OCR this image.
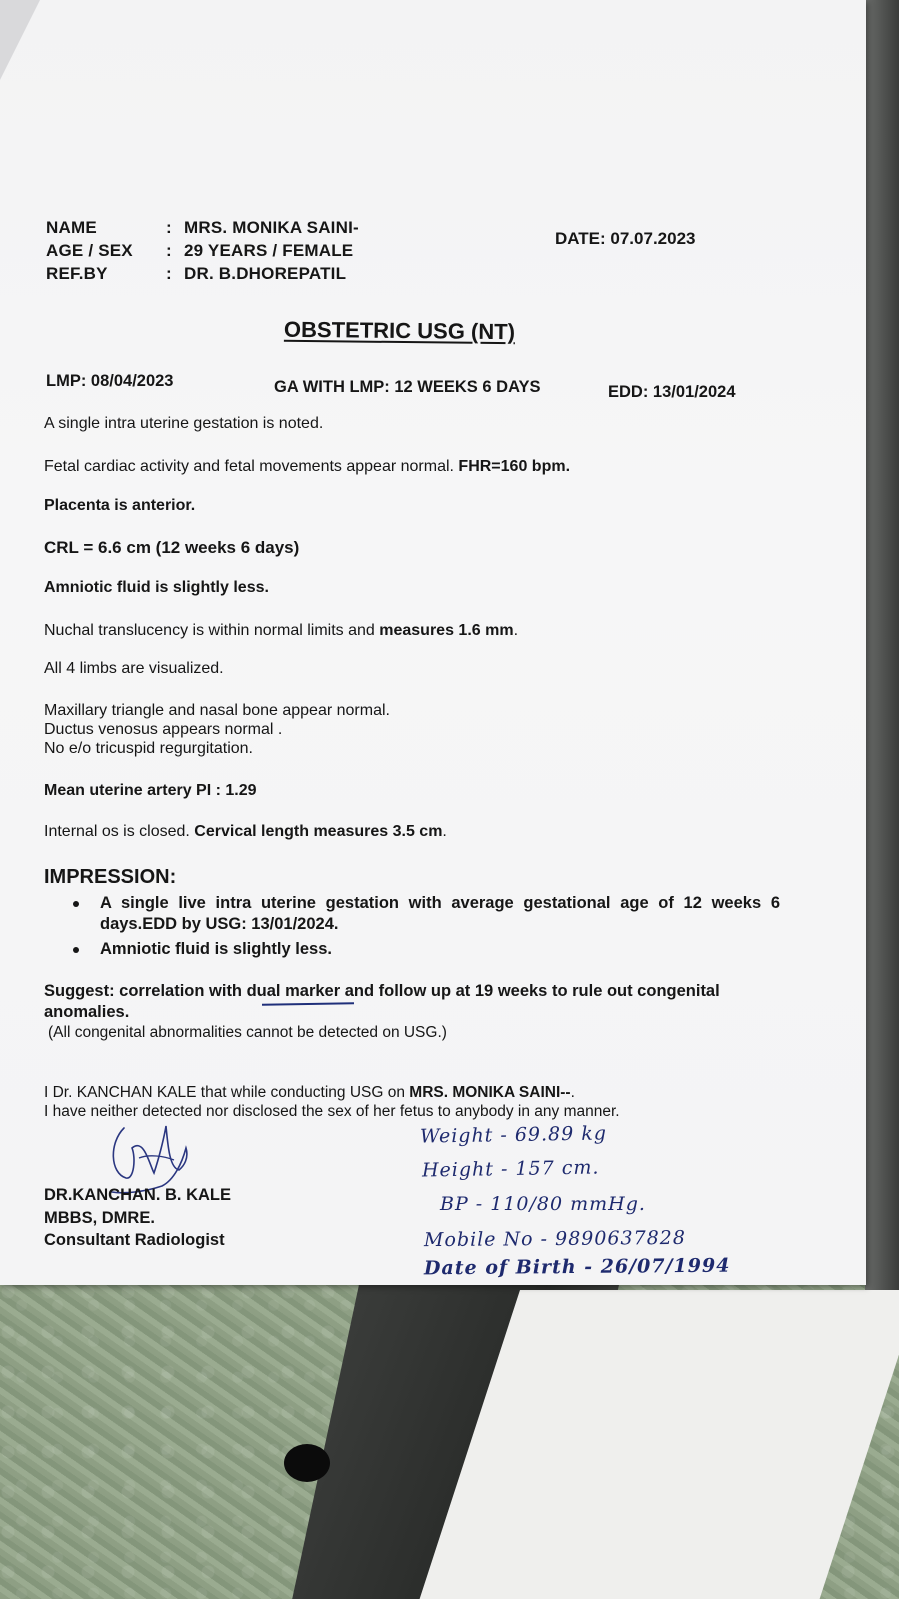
NAME	: MRS. MONIKA SAINI-
AGE / SEX : 29 YEARS / FEMALE
REF.BY	: DR. B.DHOREPATIL
DATE: 07.07.2023
OBSTETRIC USG (NT)
LMP: 08/04/2023	GA WITH LMP: 12 WEEKS 6 DAYS	EDD: 13/01/2024
A single intra uterine gestation is noted.
Fetal cardiac activity and fetal movements appear normal. FHR=160 bpm.
Placenta is anterior.
CRL = 6.6 cm (12 weeks 6 days)
Amniotic fluid is slightly less.
Nuchal translucency is within normal limits and measures 1.6 mm.
All 4 limbs are visualized.
Maxillary triangle and nasal bone appear normal.
Ductus venosus appears normal .
No e/o tricuspid regurgitation.
Mean uterine artery PI : 1.29
Internal os is closed. Cervical length measures 3.5 cm.
IMPRESSION:
A single live intra uterine gestation with average gestational age of 12 weeks 6 days.EDD by USG: 13/01/2024.
Amniotic fluid is slightly less.
Suggest: correlation with dual marker and follow up at 19 weeks to rule out congenital anomalies.
(All congenital abnormalities cannot be detected on USG.)
I Dr. KANCHAN KALE that while conducting USG on MRS. MONIKA SAINI--.
I have neither detected nor disclosed the sex of her fetus to anybody in any manner.
DR.KANCHAN. B. KALE
MBBS, DMRE.
Consultant Radiologist
Weight - 69.89 kg
Height - 157 cm.
BP - 110/80 mmHg.
Mobile No - 9890637828
Date of Birth - 26/07/1994
